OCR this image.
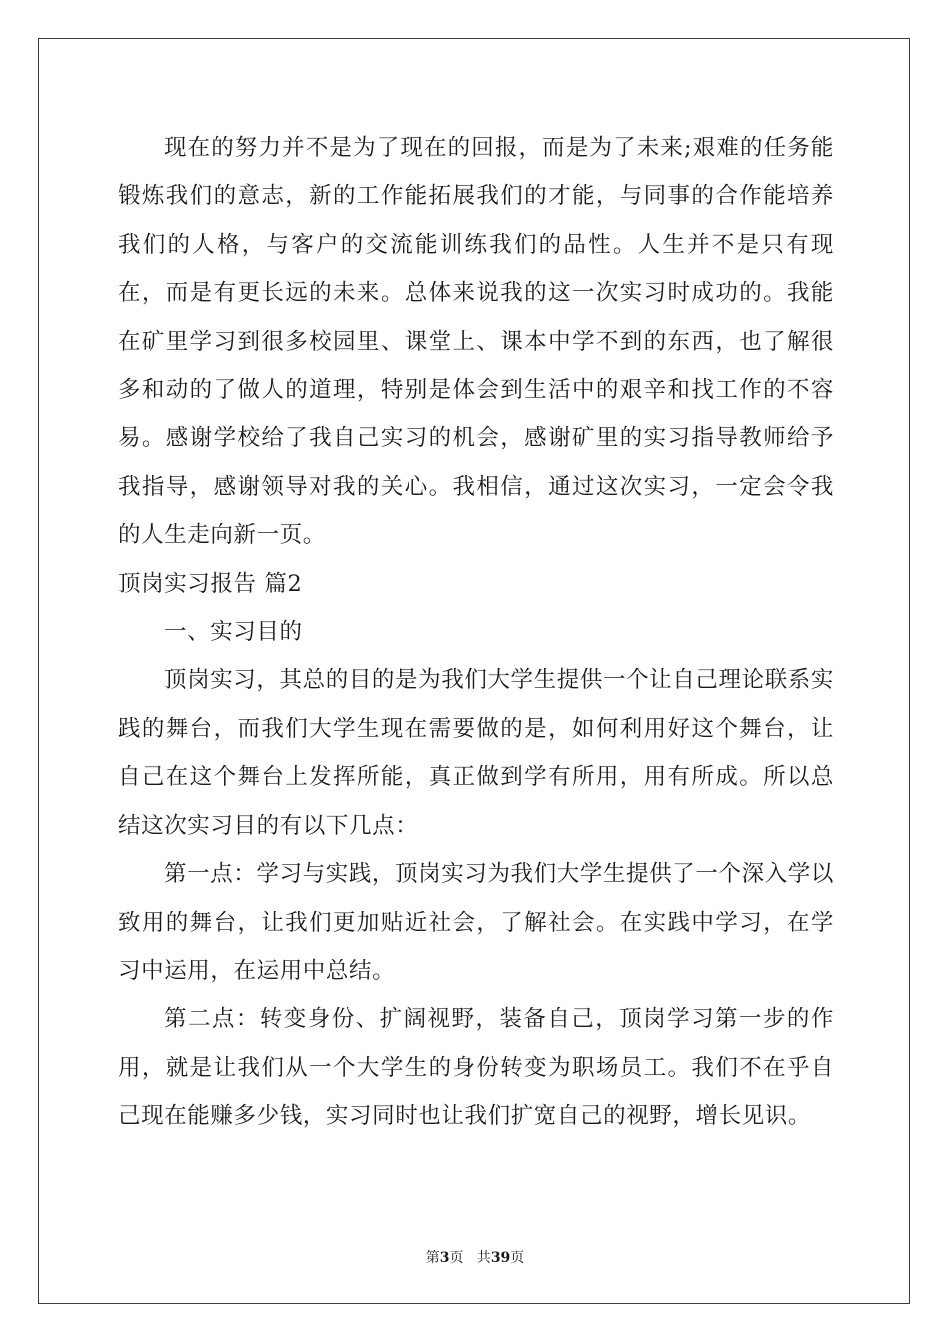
现在的努力并不是为了现在的回报，而是为了未来;艰难的任务能锻炼我们的意志，新的工作能拓展我们的才能，与同事的合作能培养我们的人格，与客户的交流能训练我们的品性。人生并不是只有现在，而是有更长远的未来。总体来说我的这一次实习时成功的。我能在矿里学习到很多校园里、课堂上、课本中学不到的东西，也了解很多和动的了做人的道理，特别是体会到生活中的艰辛和找工作的不容易。感谢学校给了我自己实习的机会，感谢矿里的实习指导教师给予我指导，感谢领导对我的关心。我相信，通过这次实习，一定会令我的人生走向新一页。

顶岗实习报告 篇2

一、实习目的

顶岗实习，其总的目的是为我们大学生提供一个让自己理论联系实践的舞台，而我们大学生现在需要做的是，如何利用好这个舞台，让自己在这个舞台上发挥所能，真正做到学有所用，用有所成。所以总结这次实习目的有以下几点：

第一点：学习与实践，顶岗实习为我们大学生提供了一个深入学以致用的舞台，让我们更加贴近社会，了解社会。在实践中学习，在学习中运用，在运用中总结。

第二点：转变身份、扩阔视野，装备自己，顶岗学习第一步的作用，就是让我们从一个大学生的身份转变为职场员工。我们不在乎自己现在能赚多少钱，实习同时也让我们扩宽自己的视野，增长见识。

第3页   共39页
